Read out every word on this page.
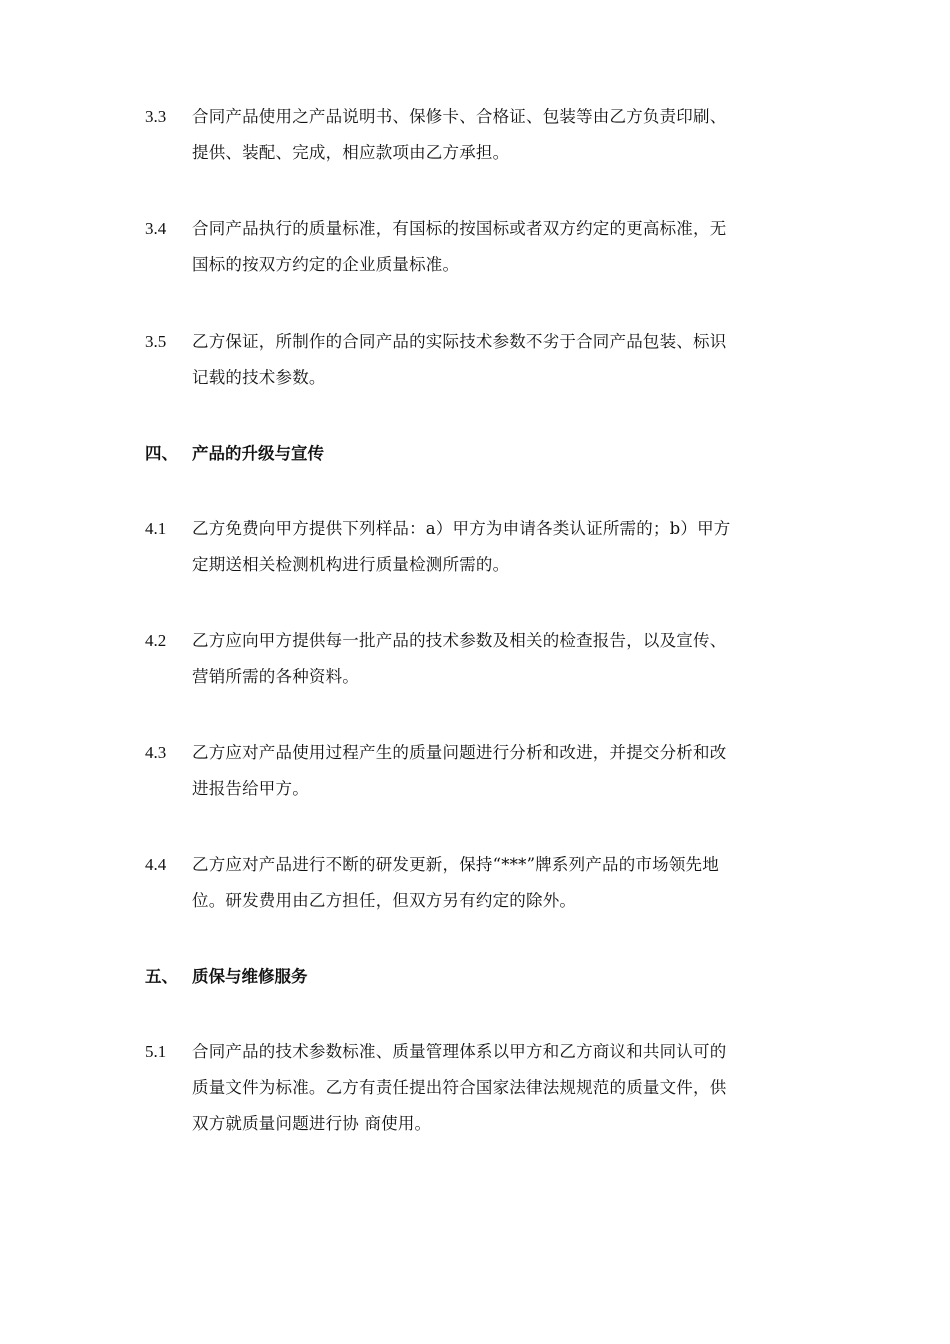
3.3 合同产品使用之产品说明书、保修卡、合格证、包装等由乙方负责印刷、
提供、装配、完成，相应款项由乙方承担。
3.4 合同产品执行的质量标准，有国标的按国标或者双方约定的更高标准，无
国标的按双方约定的企业质量标准。
3.5 乙方保证，所制作的合同产品的实际技术参数不劣于合同产品包装、标识
记载的技术参数。
四、 产品的升级与宣传
4.1 乙方免费向甲方提供下列样品：a）甲方为申请各类认证所需的；b）甲方
定期送相关检测机构进行质量检测所需的。
4.2 乙方应向甲方提供每一批产品的技术参数及相关的检查报告，以及宣传、
营销所需的各种资料。
4.3 乙方应对产品使用过程产生的质量问题进行分析和改进，并提交分析和改
进报告给甲方。
4.4 乙方应对产品进行不断的研发更新，保持“***”牌系列产品的市场领先地
位。研发费用由乙方担任，但双方另有约定的除外。
五、 质保与维修服务
5.1 合同产品的技术参数标准、质量管理体系以甲方和乙方商议和共同认可的
质量文件为标准。乙方有责任提出符合国家法律法规规范的质量文件，供
双方就质量问题进行协 商使用。
